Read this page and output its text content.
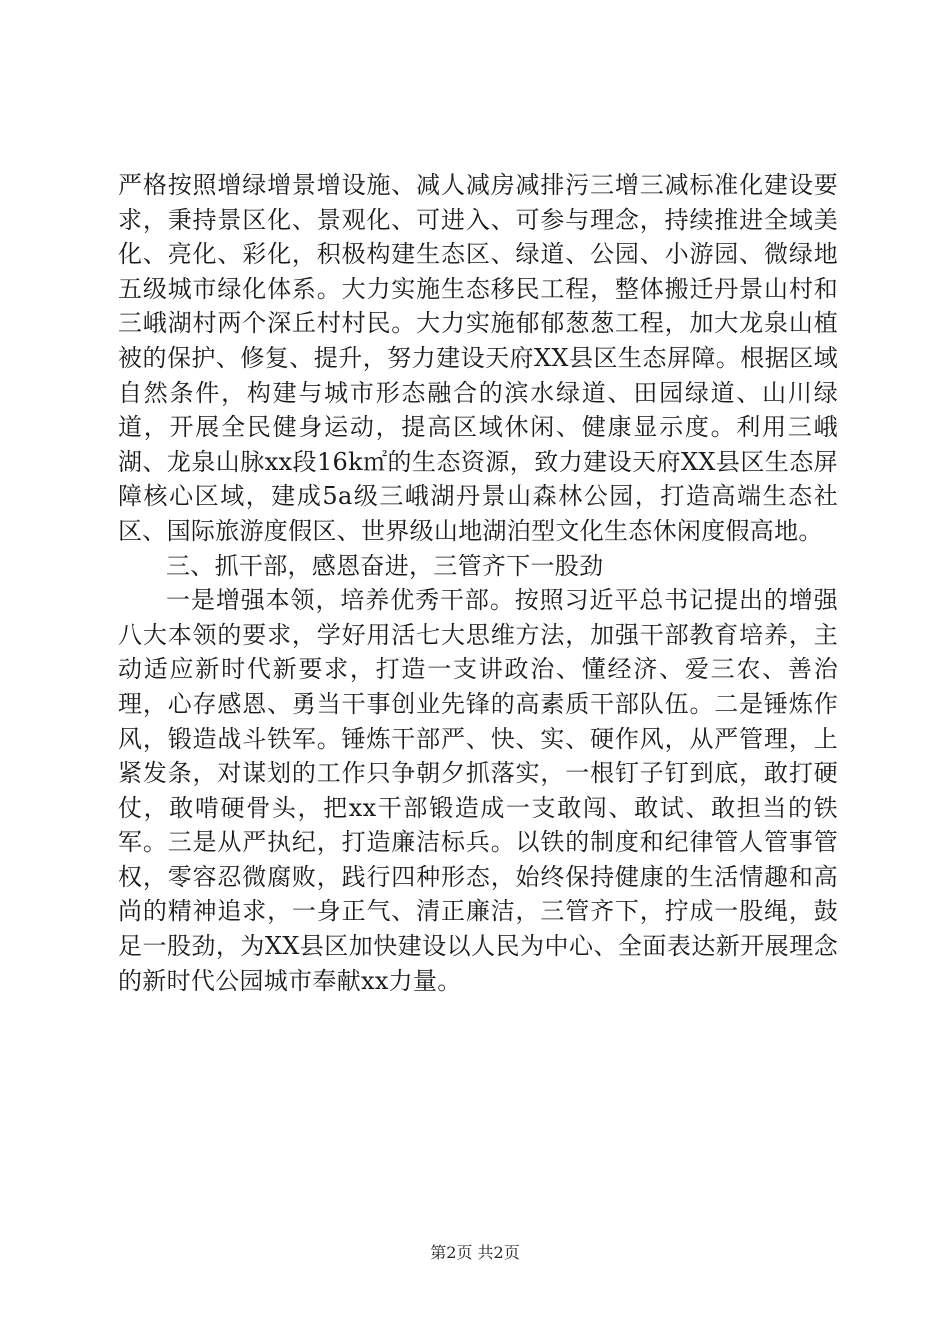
严格按照增绿增景增设施、减人减房减排污三增三减标准化建设要求，秉持景区化、景观化、可进入、可参与理念，持续推进全域美化、亮化、彩化，积极构建生态区、绿道、公园、小游园、微绿地五级城市绿化体系。大力实施生态移民工程，整体搬迁丹景山村和三峨湖村两个深丘村村民。大力实施郁郁葱葱工程，加大龙泉山植被的保护、修复、提升，努力建设天府XX县区生态屏障。根据区域自然条件，构建与城市形态融合的滨水绿道、田园绿道、山川绿道，开展全民健身运动，提高区域休闲、健康显示度。利用三峨湖、龙泉山脉xx段16k㎡的生态资源，致力建设天府XX县区生态屏障核心区域，建成5a级三峨湖丹景山森林公园，打造高端生态社区、国际旅游度假区、世界级山地湖泊型文化生态休闲度假高地。

三、抓干部，感恩奋进，三管齐下一股劲

一是增强本领，培养优秀干部。按照习近平总书记提出的增强八大本领的要求，学好用活七大思维方法，加强干部教育培养，主动适应新时代新要求，打造一支讲政治、懂经济、爱三农、善治理，心存感恩、勇当干事创业先锋的高素质干部队伍。二是锤炼作风，锻造战斗铁军。锤炼干部严、快、实、硬作风，从严管理，上紧发条，对谋划的工作只争朝夕抓落实，一根钉子钉到底，敢打硬仗，敢啃硬骨头，把xx干部锻造成一支敢闯、敢试、敢担当的铁军。三是从严执纪，打造廉洁标兵。以铁的制度和纪律管人管事管权，零容忍微腐败，践行四种形态，始终保持健康的生活情趣和高尚的精神追求，一身正气、清正廉洁，三管齐下，拧成一股绳，鼓足一股劲，为XX县区加快建设以人民为中心、全面表达新开展理念的新时代公园城市奉献xx力量。

第2页 共2页
